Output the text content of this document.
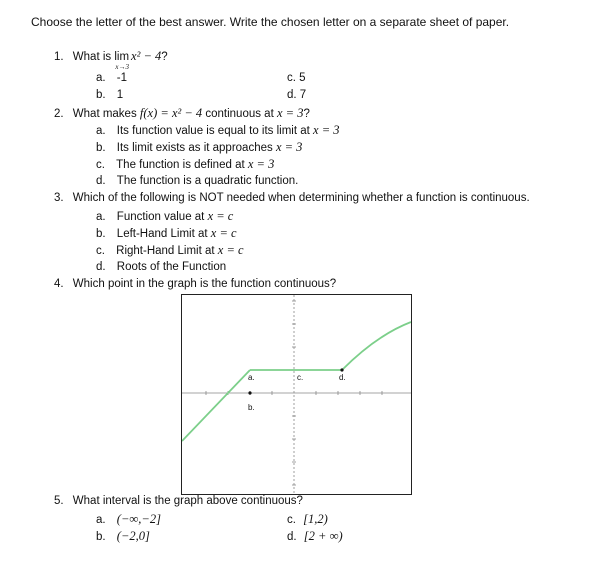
Choose the letter of the best answer. Write the chosen letter on a separate sheet of paper.
1. What is lim
x→3
x² − 4?
a. -1
b. 1
c. 5
d. 7
2. What makes f(x) = x² − 4 continuous at x = 3?
a. Its function value is equal to its limit at x = 3
b. Its limit exists as it approaches x = 3
c. The function is defined at x = 3
d. The function is a quadratic function.
3. Which of the following is NOT needed when determining whether a function is continuous.
a. Function value at x = c
b. Left-Hand Limit at x = c
c. Right-Hand Limit at x = c
d. Roots of the Function
4. Which point in the graph is the function continuous?
a.
b.
c.	d.
5. What interval is the graph above continuous?
a. (−∞,−2]
b. (−2,0]
c. [1,2)
d. [2 + ∞)
